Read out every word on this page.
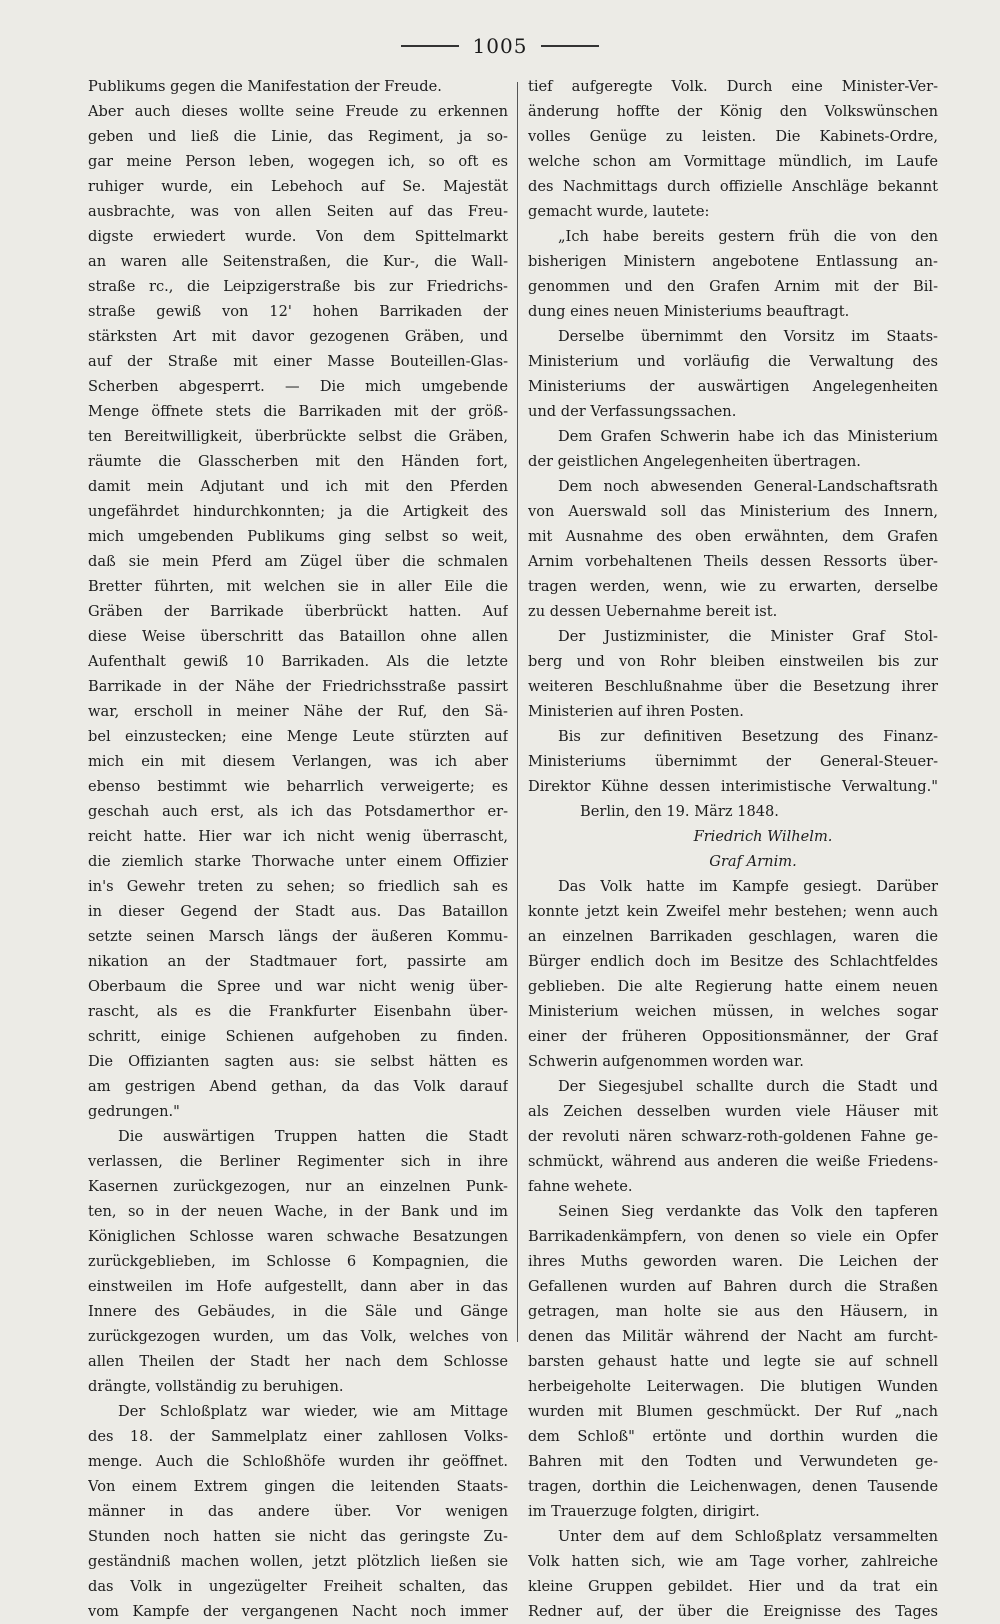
1005
Publikums gegen die Manifestation der Freude.
Aber auch dieses wollte seine Freude zu erkennen
geben und ließ die Linie, das Regiment, ja so-
gar meine Person leben, wogegen ich, so oft es
ruhiger wurde, ein Lebehoch auf Se. Majestät
ausbrachte, was von allen Seiten auf das Freu-
digste erwiedert wurde. Von dem Spittelmarkt
an waren alle Seitenstraßen, die Kur-, die Wall-
straße rc., die Leipzigerstraße bis zur Friedrichs-
straße gewiß von 12' hohen Barrikaden der
stärksten Art mit davor gezogenen Gräben, und
auf der Straße mit einer Masse Bouteillen-Glas-
Scherben abgesperrt. — Die mich umgebende
Menge öffnete stets die Barrikaden mit der größ-
ten Bereitwilligkeit, überbrückte selbst die Gräben,
räumte die Glasscherben mit den Händen fort,
damit mein Adjutant und ich mit den Pferden
ungefährdet hindurchkonnten; ja die Artigkeit des
mich umgebenden Publikums ging selbst so weit,
daß sie mein Pferd am Zügel über die schmalen
Bretter führten, mit welchen sie in aller Eile die
Gräben der Barrikade überbrückt hatten. Auf
diese Weise überschritt das Bataillon ohne allen
Aufenthalt gewiß 10 Barrikaden. Als die letzte
Barrikade in der Nähe der Friedrichsstraße passirt
war, erscholl in meiner Nähe der Ruf, den Sä-
bel einzustecken; eine Menge Leute stürzten auf
mich ein mit diesem Verlangen, was ich aber
ebenso bestimmt wie beharrlich verweigerte; es
geschah auch erst, als ich das Potsdamerthor er-
reicht hatte. Hier war ich nicht wenig überrascht,
die ziemlich starke Thorwache unter einem Offizier
in's Gewehr treten zu sehen; so friedlich sah es
in dieser Gegend der Stadt aus. Das Bataillon
setzte seinen Marsch längs der äußeren Kommu-
nikation an der Stadtmauer fort, passirte am
Oberbaum die Spree und war nicht wenig über-
rascht, als es die Frankfurter Eisenbahn über-
schritt, einige Schienen aufgehoben zu finden.
Die Offizianten sagten aus: sie selbst hätten es
am gestrigen Abend gethan, da das Volk darauf
gedrungen."
Die auswärtigen Truppen hatten die Stadt
verlassen, die Berliner Regimenter sich in ihre
Kasernen zurückgezogen, nur an einzelnen Punk-
ten, so in der neuen Wache, in der Bank und im
Königlichen Schlosse waren schwache Besatzungen
zurückgeblieben, im Schlosse 6 Kompagnien, die
einstweilen im Hofe aufgestellt, dann aber in das
Innere des Gebäudes, in die Säle und Gänge
zurückgezogen wurden, um das Volk, welches von
allen Theilen der Stadt her nach dem Schlosse
drängte, vollständig zu beruhigen.
Der Schloßplatz war wieder, wie am Mittage
des 18. der Sammelplatz einer zahllosen Volks-
menge. Auch die Schloßhöfe wurden ihr geöffnet.
Von einem Extrem gingen die leitenden Staats-
männer in das andere über. Vor wenigen
Stunden noch hatten sie nicht das geringste Zu-
geständniß machen wollen, jetzt plötzlich ließen sie
das Volk in ungezügelter Freiheit schalten, das
vom Kampfe der vergangenen Nacht noch immer
tief aufgeregte Volk. Durch eine Minister-Ver-
änderung hoffte der König den Volkswünschen
volles Genüge zu leisten. Die Kabinets-Ordre,
welche schon am Vormittage mündlich, im Laufe
des Nachmittags durch offizielle Anschläge bekannt
gemacht wurde, lautete:
„Ich habe bereits gestern früh die von den
bisherigen Ministern angebotene Entlassung an-
genommen und den Grafen Arnim mit der Bil-
dung eines neuen Ministeriums beauftragt.
Derselbe übernimmt den Vorsitz im Staats-
Ministerium und vorläufig die Verwaltung des
Ministeriums der auswärtigen Angelegenheiten
und der Verfassungssachen.
Dem Grafen Schwerin habe ich das Ministerium
der geistlichen Angelegenheiten übertragen.
Dem noch abwesenden General-Landschaftsrath
von Auerswald soll das Ministerium des Innern,
mit Ausnahme des oben erwähnten, dem Grafen
Arnim vorbehaltenen Theils dessen Ressorts über-
tragen werden, wenn, wie zu erwarten, derselbe
zu dessen Uebernahme bereit ist.
Der Justizminister, die Minister Graf Stol-
berg und von Rohr bleiben einstweilen bis zur
weiteren Beschlußnahme über die Besetzung ihrer
Ministerien auf ihren Posten.
Bis zur definitiven Besetzung des Finanz-
Ministeriums übernimmt der General-Steuer-
Direktor Kühne dessen interimistische Verwaltung."
Berlin, den 19. März 1848.
Friedrich Wilhelm.
Graf Arnim.
Das Volk hatte im Kampfe gesiegt. Darüber
konnte jetzt kein Zweifel mehr bestehen; wenn auch
an einzelnen Barrikaden geschlagen, waren die
Bürger endlich doch im Besitze des Schlachtfeldes
geblieben. Die alte Regierung hatte einem neuen
Ministerium weichen müssen, in welches sogar
einer der früheren Oppositionsmänner, der Graf
Schwerin aufgenommen worden war.
Der Siegesjubel schallte durch die Stadt und
als Zeichen desselben wurden viele Häuser mit
der revoluti nären schwarz-roth-goldenen Fahne ge-
schmückt, während aus anderen die weiße Friedens-
fahne wehete.
Seinen Sieg verdankte das Volk den tapferen
Barrikadenkämpfern, von denen so viele ein Opfer
ihres Muths geworden waren. Die Leichen der
Gefallenen wurden auf Bahren durch die Straßen
getragen, man holte sie aus den Häusern, in
denen das Militär während der Nacht am furcht-
barsten gehaust hatte und legte sie auf schnell
herbeigeholte Leiterwagen. Die blutigen Wunden
wurden mit Blumen geschmückt. Der Ruf „nach
dem Schloß" ertönte und dorthin wurden die
Bahren mit den Todten und Verwundeten ge-
tragen, dorthin die Leichenwagen, denen Tausende
im Trauerzuge folgten, dirigirt.
Unter dem auf dem Schloßplatz versammelten
Volk hatten sich, wie am Tage vorher, zahlreiche
kleine Gruppen gebildet. Hier und da trat ein
Redner auf, der über die Ereignisse des Tages
